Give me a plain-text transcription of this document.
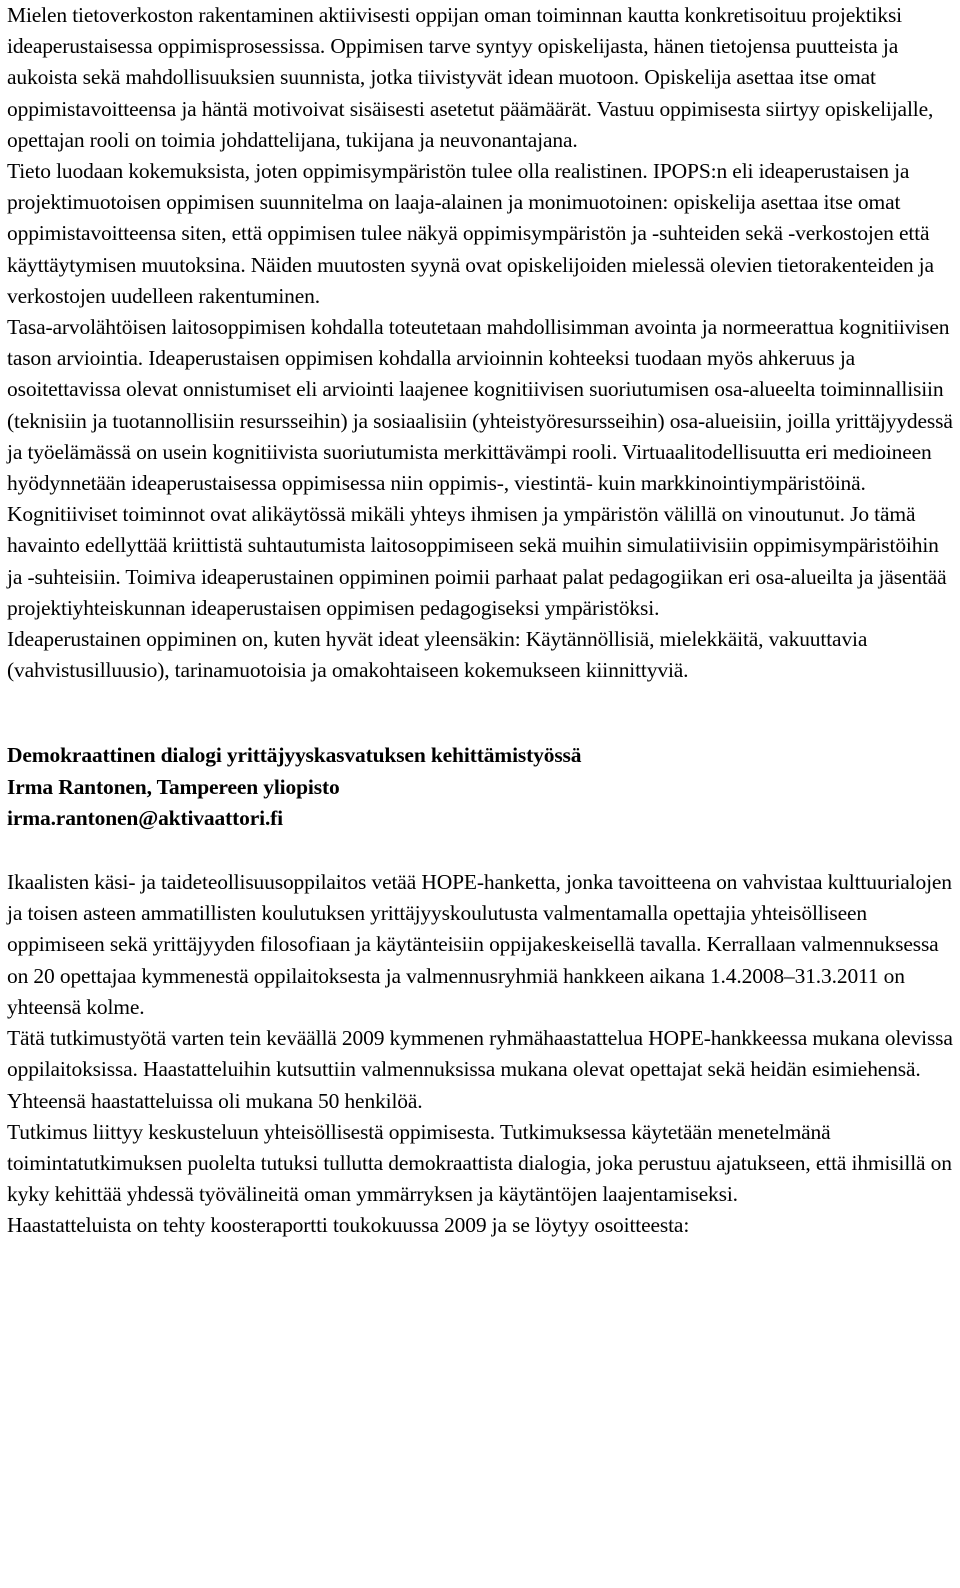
Mielen tietoverkoston rakentaminen aktiivisesti oppijan oman toiminnan kautta konkretisoituu projektiksi ideaperustaisessa oppimisprosessissa. Oppimisen tarve syntyy opiskelijasta, hänen tietojensa puutteista ja aukoista sekä mahdollisuuksien suunnista, jotka tiivistyvät idean muotoon. Opiskelija asettaa itse omat oppimistavoitteensa ja häntä motivoivat sisäisesti asetetut päämäärät. Vastuu oppimisesta siirtyy opiskelijalle, opettajan rooli on toimia johdattelijana, tukijana ja neuvonantajana.

Tieto luodaan kokemuksista, joten oppimisympäristön tulee olla realistinen. IPOPS:n eli ideaperustaisen ja projektimuotoisen oppimisen suunnitelma on laaja-alainen ja monimuotoinen: opiskelija asettaa itse omat oppimistavoitteensa siten, että oppimisen tulee näkyä oppimisympäristön ja -suhteiden sekä -verkostojen että käyttäytymisen muutoksina. Näiden muutosten syynä ovat opiskelijoiden mielessä olevien tietorakenteiden ja verkostojen uudelleen rakentuminen.

Tasa-arvolähtöisen laitosoppimisen kohdalla toteutetaan mahdollisimman avointa ja normeerattua kognitiivisen tason arviointia. Ideaperustaisen oppimisen kohdalla arvioinnin kohteeksi tuodaan myös ahkeruus ja osoitettavissa olevat onnistumiset eli arviointi laajenee kognitiivisen suoriutumisen osa-alueelta toiminnallisiin (teknisiin ja tuotannollisiin resursseihin) ja sosiaalisiin (yhteistyöresursseihin) osa-alueisiin, joilla yrittäjyydessä ja työelämässä on usein kognitiivista suoriutumista merkittävämpi rooli. Virtuaalitodellisuutta eri medioineen hyödynnetään ideaperustaisessa oppimisessa niin oppimis-, viestintä- kuin markkinointiympäristöinä.

Kognitiiviset toiminnot ovat alikäytössä mikäli yhteys ihmisen ja ympäristön välillä on vinoutunut. Jo tämä havainto edellyttää kriittistä suhtautumista laitosoppimiseen sekä muihin simulatiivisiin oppimisympäristöihin ja -suhteisiin. Toimiva ideaperustainen oppiminen poimii parhaat palat pedagogiikan eri osa-alueilta ja jäsentää projektiyhteiskunnan ideaperustaisen oppimisen pedagogiseksi ympäristöksi.

Ideaperustainen oppiminen on, kuten hyvät ideat yleensäkin: Käytännöllisiä, mielekkäitä, vakuuttavia (vahvistusilluusio), tarinamuotoisia ja omakohtaiseen kokemukseen kiinnittyviä.

Demokraattinen dialogi yrittäjyyskasvatuksen kehittämistyössä

Irma Rantonen, Tampereen yliopisto

irma.rantonen@aktivaattori.fi

Ikaalisten käsi- ja taideteollisuusoppilaitos vetää HOPE-hanketta, jonka tavoitteena on vahvistaa kulttuurialojen ja toisen asteen ammatillisten koulutuksen yrittäjyyskoulutusta valmentamalla opettajia yhteisölliseen oppimiseen sekä yrittäjyyden filosofiaan ja käytänteisiin oppijakeskeisellä tavalla. Kerrallaan valmennuksessa on 20 opettajaa kymmenestä oppilaitoksesta ja valmennusryhmiä hankkeen aikana 1.4.2008–31.3.2011 on yhteensä kolme.

Tätä tutkimustyötä varten tein keväällä 2009 kymmenen ryhmähaastattelua HOPE-hankkeessa mukana olevissa oppilaitoksissa. Haastatteluihin kutsuttiin valmennuksissa mukana olevat opettajat sekä heidän esimiehensä. Yhteensä haastatteluissa oli mukana 50 henkilöä.

Tutkimus liittyy keskusteluun yhteisöllisestä oppimisesta. Tutkimuksessa käytetään menetelmänä toimintatutkimuksen puolelta tutuksi tullutta demokraattista dialogia, joka perustuu ajatukseen, että ihmisillä on kyky kehittää yhdessä työvälineitä oman ymmärryksen ja käytäntöjen laajentamiseksi.

Haastatteluista on tehty koosteraportti toukokuussa 2009 ja se löytyy osoitteesta:
